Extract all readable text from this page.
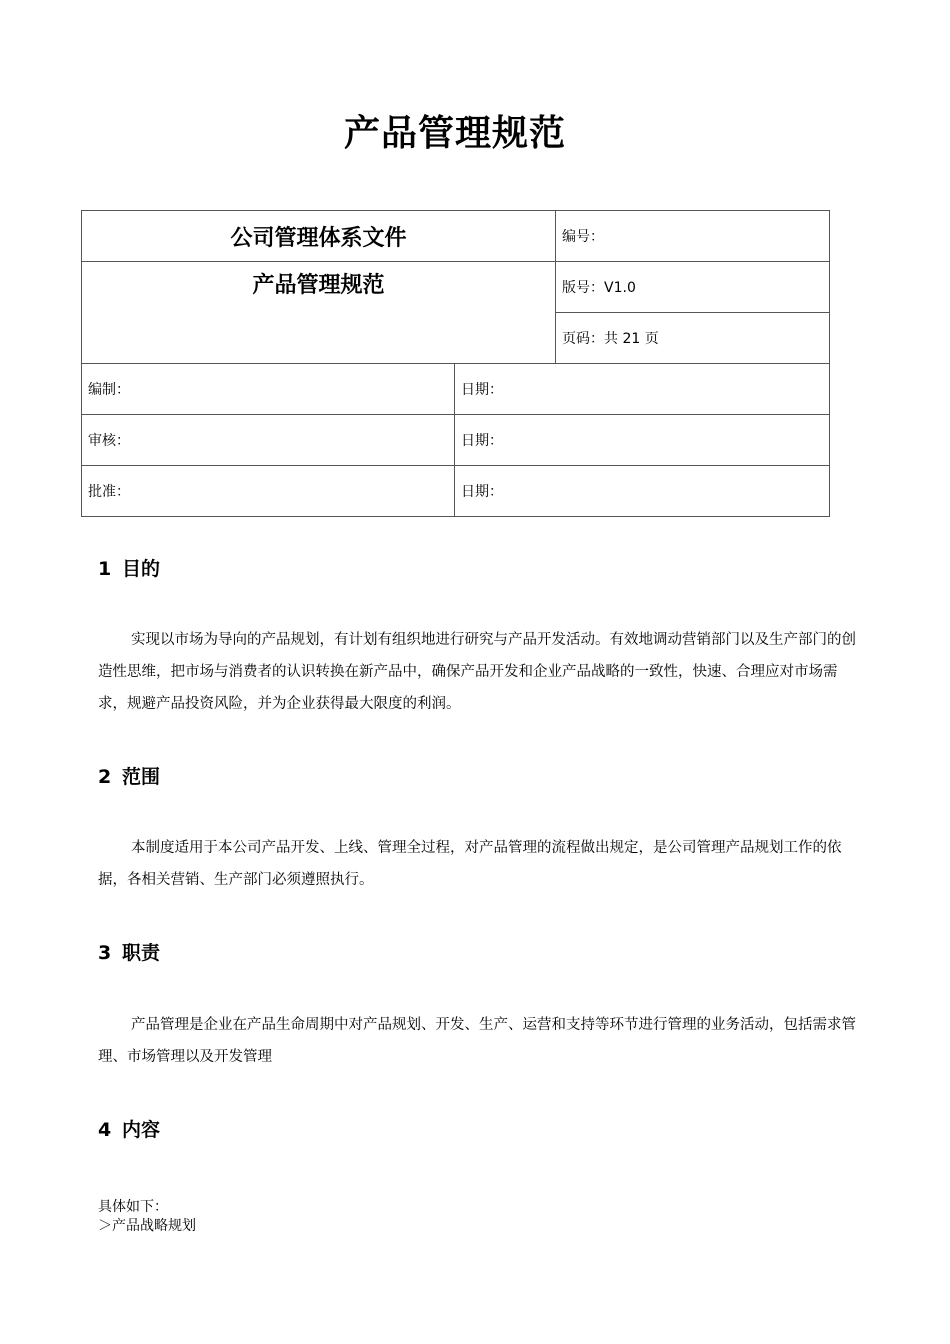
产品管理规范
公司管理体系文件		编号：
产品管理规范		版号：V1.0
		页码：共 21 页
编制：	日期：	
审核：	日期：	
批准：	日期：	
1 目的

实现以市场为导向的产品规划，有计划有组织地进行研究与产品开发活动。有效地调动营销部门以及生产部门的创造性思维，把市场与消费者的认识转换在新产品中，确保产品开发和企业产品战略的一致性，快速、合理应对市场需求，规避产品投资风险，并为企业获得最大限度的利润。

2 范围

本制度适用于本公司产品开发、上线、管理全过程，对产品管理的流程做出规定，是公司管理产品规划工作的依据，各相关营销、生产部门必须遵照执行。

3 职责

产品管理是企业在产品生命周期中对产品规划、开发、生产、运营和支持等环节进行管理的业务活动，包括需求管理、市场管理以及开发管理

4 内容

具体如下：

＞产品战略规划
